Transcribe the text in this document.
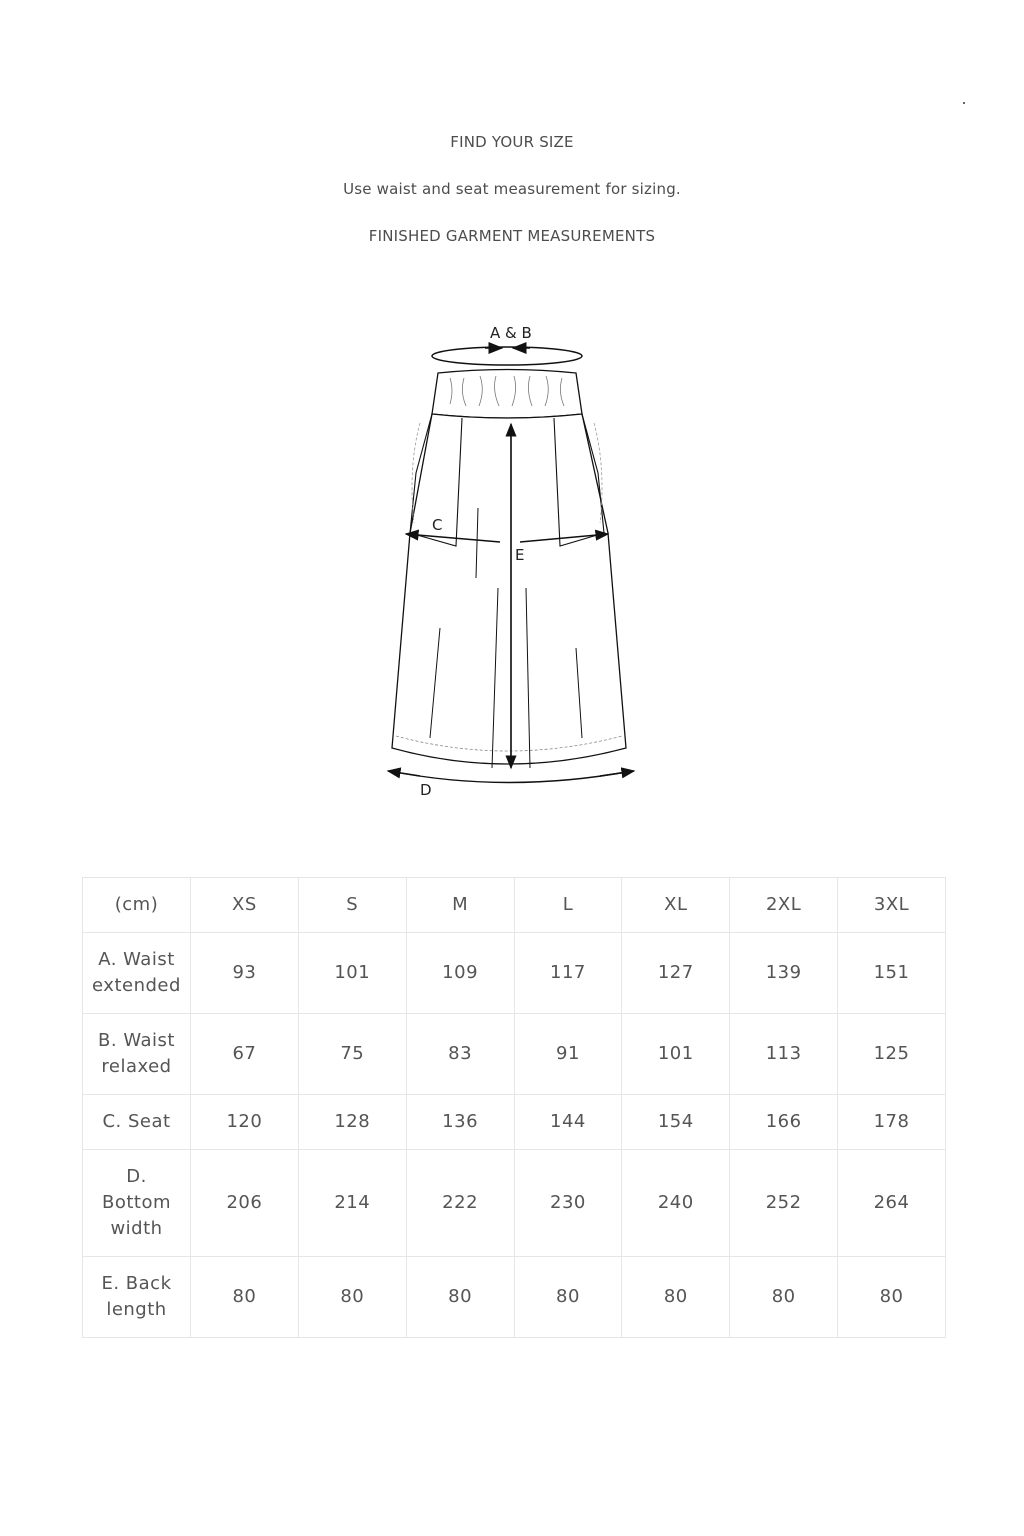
FIND YOUR SIZE
Use waist and seat measurement for sizing.
FINISHED GARMENT MEASUREMENTS
A & B
C
E
D
(cm)	XS	S	M	L	XL	2XL	3XL
A. Waist extended	93	101	109	117	127	139	151
B. Waist relaxed	67	75	83	91	101	113	125
C. Seat	120	128	136	144	154	166	178
D. Bottom width	206	214	222	230	240	252	264
E. Back length	80	80	80	80	80	80	80
